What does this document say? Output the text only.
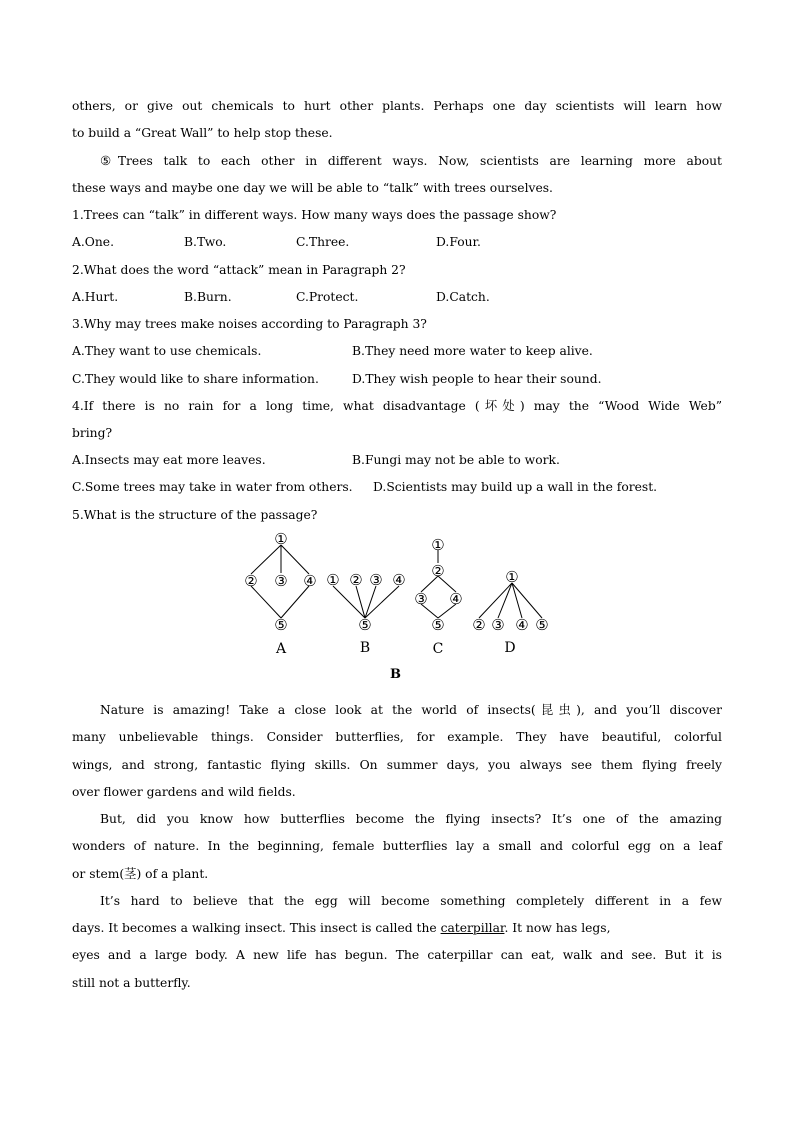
others, or give out chemicals to hurt other plants. Perhaps one day scientists will learn how
to build a “Great Wall” to help stop these.
⑤Trees talk to each other in different ways. Now, scientists are learning more about
these ways and maybe one day we will be able to “talk” with trees ourselves.
1.Trees can “talk” in different ways. How many ways does the passage show?
A.One.	B.Two.	C.Three.	D.Four.
2.What does the word “attack” mean in Paragraph 2?
A.Hurt.	B.Burn.	C.Protect.	D.Catch.
3.Why may trees make noises according to Paragraph 3?
A.They want to use chemicals.	B.They need more water to keep alive.
C.They would like to share information.	D.They wish people to hear their sound.
4.If there is no rain for a long time, what disadvantage (坏处) may the “Wood Wide Web”
bring?
A.Insects may eat more leaves.	B.Fungi may not be able to work.
C.Some trees may take in water from others. D.Scientists may build up a wall in the forest.
5.What is the structure of the passage?
①
② ③ ④
⑤
① ② ③ ④
⑤
①
②
③ ④
⑤
①
② ③ ④ ⑤
A	B	C	D
B
Nature is amazing! Take a close look at the world of insects(昆虫), and you’ll discover
many unbelievable things. Consider butterflies, for example. They have beautiful, colorful
wings, and strong, fantastic flying skills. On summer days, you always see them flying freely
over flower gardens and wild fields.
But, did you know how butterflies become the flying insects? It’s one of the amazing
wonders of nature. In the beginning, female butterflies lay a small and colorful egg on a leaf
or stem(茎) of a plant.
It’s hard to believe that the egg will become something completely different in a few
days. It becomes a walking insect. This insect is called the caterpillar. It now has legs,
eyes and a large body. A new life has begun. The caterpillar can eat, walk and see. But it is
still not a butterfly.
